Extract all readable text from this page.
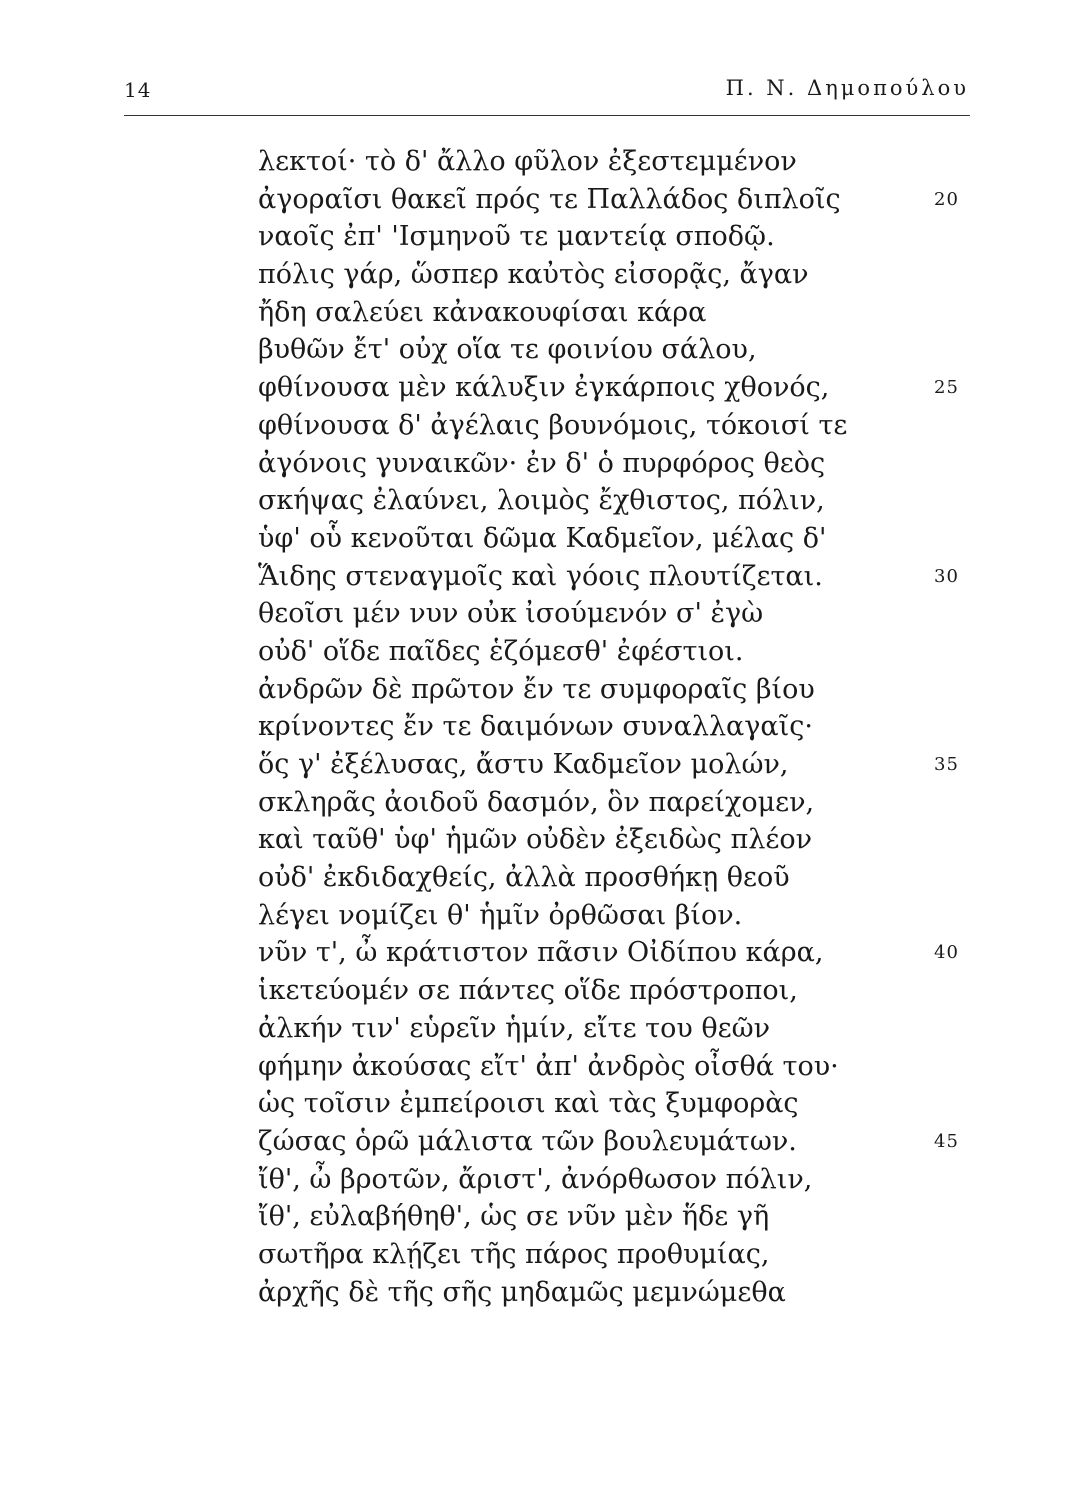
14	Π. Ν. Δημοπούλου
λεκτοί· τὸ δ' ἄλλο φῦλον ἐξεστεμμένον
ἀγοραῖσι θακεῖ πρός τε Παλλάδος διπλοῖς	20
ναοῖς ἐπ' 'Ισμηνοῦ τε μαντείᾳ σποδῷ.
πόλις γάρ, ὥσπερ καὐτὸς εἰσορᾷς, ἄγαν
ἤδη σαλεύει κἀνακουφίσαι κάρα
βυθῶν ἔτ' οὐχ οἵα τε φοινίου σάλου,
φθίνουσα μὲν κάλυξιν ἐγκάρποις χθονός,	25
φθίνουσα δ' ἀγέλαις βουνόμοις, τόκοισί τε
ἀγόνοις γυναικῶν· ἐν δ' ὁ πυρφόρος θεὸς
σκήψας ἐλαύνει, λοιμὸς ἔχθιστος, πόλιν,
ὑφ' οὗ κενοῦται δῶμα Καδμεῖον, μέλας δ'
Ἅιδης στεναγμοῖς καὶ γόοις πλουτίζεται.	30
θεοῖσι μέν νυν οὐκ ἰσούμενόν σ' ἐγὼ
οὐδ' οἵδε παῖδες ἑζόμεσθ' ἐφέστιοι.
ἀνδρῶν δὲ πρῶτον ἔν τε συμφοραῖς βίου
κρίνοντες ἔν τε δαιμόνων συναλλαγαῖς·
ὅς γ' ἐξέλυσας, ἄστυ Καδμεῖον μολών,	35
σκληρᾶς ἀοιδοῦ δασμόν, ὃν παρείχομεν,
καὶ ταῦθ' ὑφ' ἡμῶν οὐδὲν ἐξειδὼς πλέον
οὐδ' ἐκδιδαχθείς, ἀλλὰ προσθήκῃ θεοῦ
λέγει νομίζει θ' ἡμῖν ὀρθῶσαι βίον.
νῦν τ', ὦ κράτιστον πᾶσιν Οἰδίπου κάρα,	40
ἱκετεύομέν σε πάντες οἵδε πρόστροποι,
ἀλκήν τιν' εὑρεῖν ἡμίν, εἴτε του θεῶν
φήμην ἀκούσας εἴτ' ἀπ' ἀνδρὸς οἶσθά του·
ὡς τοῖσιν ἐμπείροισι καὶ τὰς ξυμφορὰς
ζώσας ὁρῶ μάλιστα τῶν βουλευμάτων.	45
ἴθ', ὦ βροτῶν, ἄριστ', ἀνόρθωσον πόλιν,
ἴθ', εὐλαβήθηθ', ὡς σε νῦν μὲν ἥδε γῆ
σωτῆρα κλῄζει τῆς πάρος προθυμίας,
ἀρχῆς δὲ τῆς σῆς μηδαμῶς μεμνώμεθα
